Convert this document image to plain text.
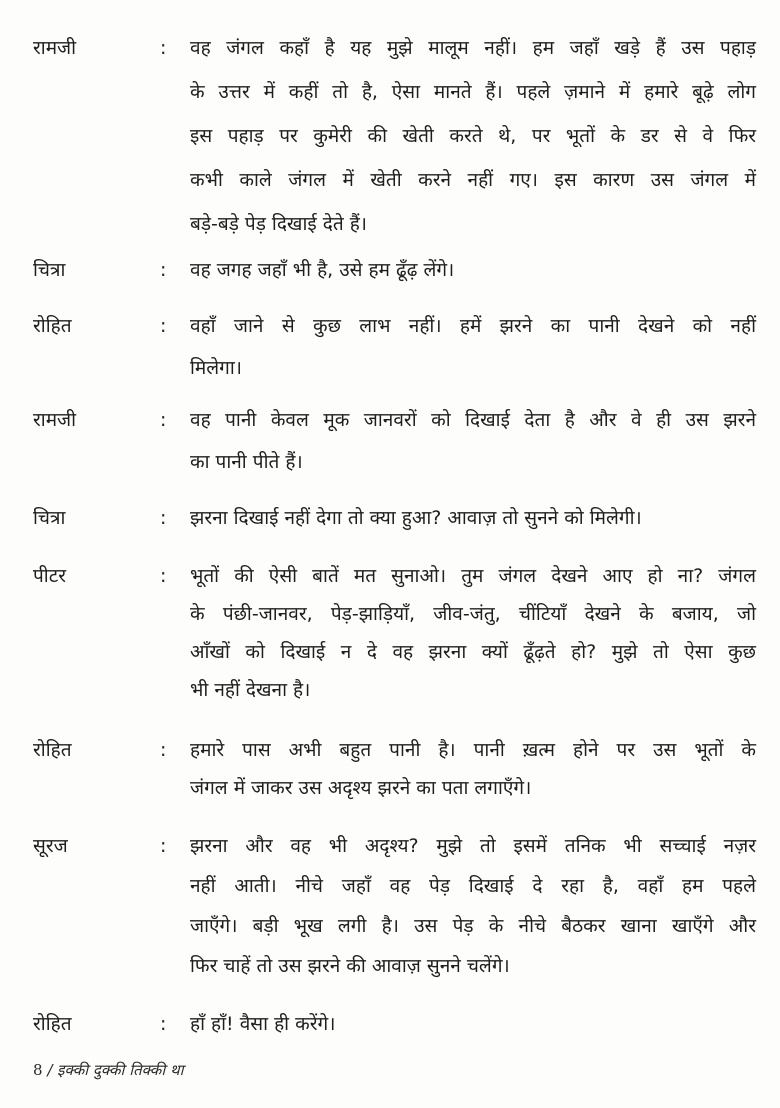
रामजी	: वह जंगल कहाँ है यह मुझे मालूम नहीं। हम जहाँ खड़े हैं उस पहाड़
के उत्तर में कहीं तो है, ऐसा मानते हैं। पहले ज़माने में हमारे बूढ़े लोग
इस पहाड़ पर कुमेरी की खेती करते थे, पर भूतों के डर से वे फिर
कभी काले जंगल में खेती करने नहीं गए। इस कारण उस जंगल में
बड़े-बड़े पेड़ दिखाई देते हैं।
चित्रा	: वह जगह जहाँ भी है, उसे हम ढूँढ़ लेंगे।
रोहित	: वहाँ जाने से कुछ लाभ नहीं। हमें झरने का पानी देखने को नहीं
मिलेगा।
रामजी	: वह पानी केवल मूक जानवरों को दिखाई देता है और वे ही उस झरने
का पानी पीते हैं।
चित्रा	: झरना दिखाई नहीं देगा तो क्या हुआ? आवाज़ तो सुनने को मिलेगी।
पीटर	: भूतों की ऐसी बातें मत सुनाओ। तुम जंगल देखने आए हो ना? जंगल
के पंछी-जानवर, पेड़-झाड़ियाँ, जीव-जंतु, चींटियाँ देखने के बजाय, जो
आँखों को दिखाई न दे वह झरना क्यों ढूँढ़ते हो? मुझे तो ऐसा कुछ
भी नहीं देखना है।
रोहित	: हमारे पास अभी बहुत पानी है। पानी ख़त्म होने पर उस भूतों के
जंगल में जाकर उस अदृश्य झरने का पता लगाएँगे।
सूरज	: झरना और वह भी अदृश्य? मुझे तो इसमें तनिक भी सच्चाई नज़र
नहीं आती। नीचे जहाँ वह पेड़ दिखाई दे रहा है, वहाँ हम पहले
जाएँगे। बड़ी भूख लगी है। उस पेड़ के नीचे बैठकर खाना खाएँगे और
फिर चाहें तो उस झरने की आवाज़ सुनने चलेंगे।
रोहित	: हाँ हाँ! वैसा ही करेंगे।
8 / इक्की दुक्की तिक्की था
